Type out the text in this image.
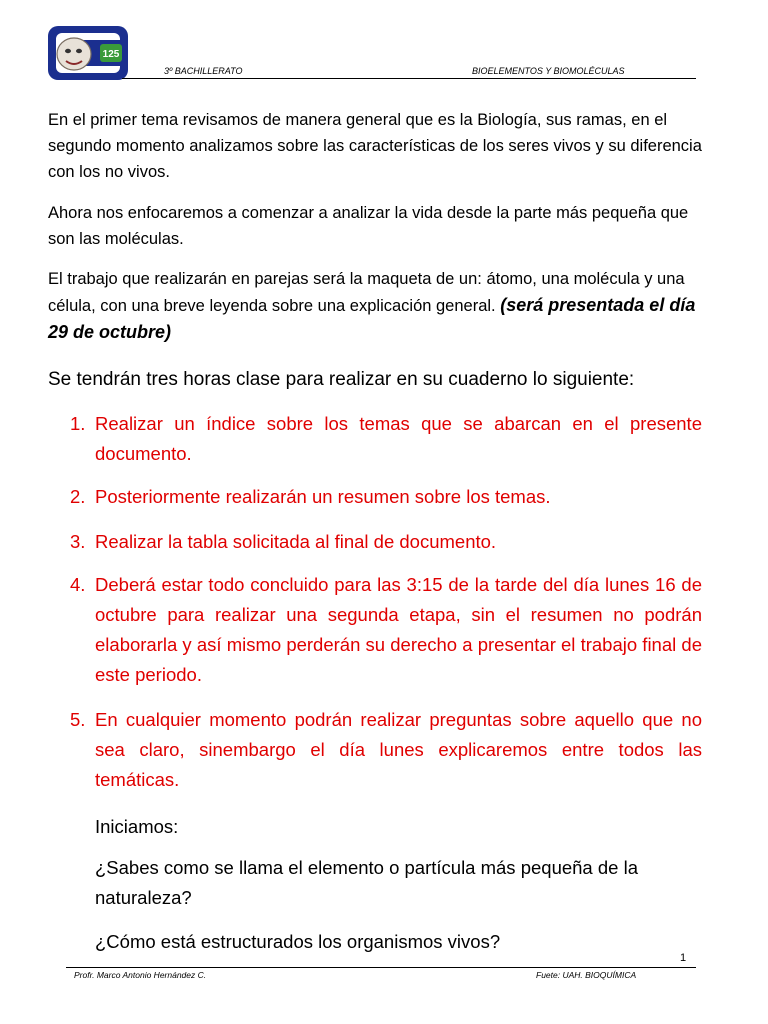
125
3º BACHILLERATO	BIOELEMENTOS Y BIOMOLÉCULAS

En el primer tema revisamos de manera general que es la Biología, sus ramas, en el segundo momento analizamos sobre las características de los seres vivos y su diferencia con los no vivos.

Ahora nos enfocaremos a comenzar a analizar la vida desde la parte más pequeña que son las moléculas.

El trabajo que realizarán en parejas será la maqueta de un: átomo, una molécula y una célula, con una breve leyenda sobre una explicación general. (será presentada el día 29 de octubre)

Se tendrán tres horas clase para realizar en su cuaderno lo siguiente:

1. Realizar un índice sobre los temas que se abarcan en el presente documento.
2. Posteriormente realizarán un resumen sobre los temas.
3. Realizar la tabla solicitada al final de documento.
4. Deberá estar todo concluido para las 3:15 de la tarde del día lunes 16 de octubre para realizar una segunda etapa, sin el resumen no podrán elaborarla y así mismo perderán su derecho a presentar el trabajo final de este periodo.
5. En cualquier momento podrán realizar preguntas sobre aquello que no sea claro, sinembargo el día lunes explicaremos entre todos las temáticas.

Iniciamos:

¿Sabes como se llama el elemento o partícula más pequeña de la naturaleza?

¿Cómo está estructurados los organismos vivos?

1
Profr. Marco Antonio Hernández C.	Fuete: UAH. BIOQUÍMICA
